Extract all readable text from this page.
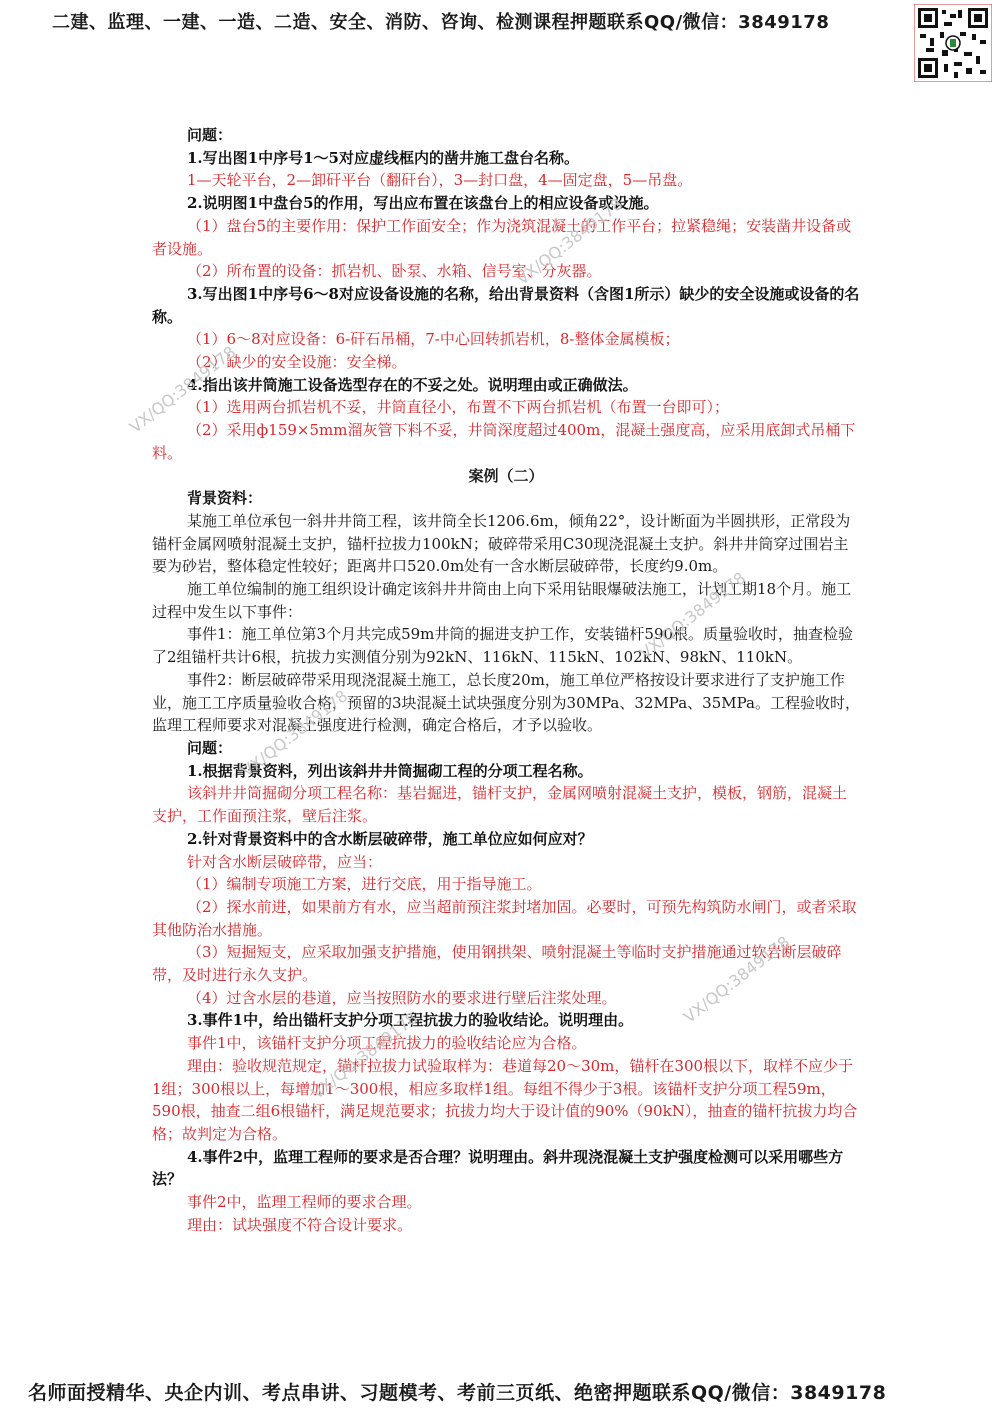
二建、监理、一建、一造、二造、安全、消防、咨询、检测课程押题联系QQ/微信：3849178

问题：

1.写出图1中序号1～5对应虚线框内的凿井施工盘台名称。

1—天轮平台，2—卸矸平台（翻矸台），3—封口盘，4—固定盘，5—吊盘。

2.说明图1中盘台5的作用，写出应布置在该盘台上的相应设备或设施。

（1）盘台5的主要作用：保护工作面安全；作为浇筑混凝土的工作平台；拉紧稳绳；安装凿井设备或者设施。

（2）所布置的设备：抓岩机、卧泵、水箱、信号室、分灰器。

3.写出图1中序号6～8对应设备设施的名称，给出背景资料（含图1所示）缺少的安全设施或设备的名称。

（1）6～8对应设备：6-矸石吊桶，7-中心回转抓岩机，8-整体金属模板；

（2）缺少的安全设施：安全梯。

4.指出该井筒施工设备选型存在的不妥之处。说明理由或正确做法。

（1）选用两台抓岩机不妥，井筒直径小，布置不下两台抓岩机（布置一台即可）；

（2）采用ф159×5mm溜灰管下料不妥，井筒深度超过400m，混凝土强度高，应采用底卸式吊桶下料。

案例（二）

背景资料：

某施工单位承包一斜井井筒工程，该井筒全长1206.6m，倾角22°，设计断面为半圆拱形，正常段为锚杆金属网喷射混凝土支护，锚杆拉拔力100kN；破碎带采用C30现浇混凝土支护。斜井井筒穿过围岩主要为砂岩，整体稳定性较好；距离井口520.0m处有一含水断层破碎带，长度约9.0m。

施工单位编制的施工组织设计确定该斜井井筒由上向下采用钻眼爆破法施工，计划工期18个月。施工过程中发生以下事件：

事件1：施工单位第3个月共完成59m井筒的掘进支护工作，安装锚杆590根。质量验收时，抽查检验了2组锚杆共计6根，抗拔力实测值分别为92kN、116kN、115kN、102kN、98kN、110kN。

事件2：断层破碎带采用现浇混凝土施工，总长度20m，施工单位严格按设计要求进行了支护施工作业，施工工序质量验收合格，预留的3块混凝土试块强度分别为30MPa、32MPa、35MPa。工程验收时，监理工程师要求对混凝土强度进行检测，确定合格后，才予以验收。

问题：

1.根据背景资料，列出该斜井井筒掘砌工程的分项工程名称。

该斜井井筒掘砌分项工程名称：基岩掘进，锚杆支护，金属网喷射混凝土支护，模板，钢筋，混凝土支护，工作面预注浆，壁后注浆。

2.针对背景资料中的含水断层破碎带，施工单位应如何应对？

针对含水断层破碎带，应当：

（1）编制专项施工方案，进行交底，用于指导施工。

（2）探水前进，如果前方有水，应当超前预注浆封堵加固。必要时，可预先构筑防水闸门，或者采取其他防治水措施。

（3）短掘短支，应采取加强支护措施，使用钢拱架、喷射混凝土等临时支护措施通过软岩断层破碎带，及时进行永久支护。

（4）过含水层的巷道，应当按照防水的要求进行壁后注浆处理。

3.事件1中，给出锚杆支护分项工程抗拔力的验收结论。说明理由。

事件1中，该锚杆支护分项工程抗拔力的验收结论应为合格。

理由：验收规范规定，锚杆拉拔力试验取样为：巷道每20～30m，锚杆在300根以下，取样不应少于1组；300根以上，每增加1～300根，相应多取样1组。每组不得少于3根。该锚杆支护分项工程59m，590根，抽查二组6根锚杆，满足规范要求；抗拔力均大于设计值的90%（90kN），抽查的锚杆抗拔力均合格；故判定为合格。

4.事件2中，监理工程师的要求是否合理？说明理由。斜井现浇混凝土支护强度检测可以采用哪些方法？

事件2中，监理工程师的要求合理。

理由：试块强度不符合设计要求。

VX/QQ:3849178
VX/QQ:3849178
VX/QQ:3849178
VX/QQ:3849178
VX/QQ:3849178
VX/QQ:3849178
名师面授精华、央企内训、考点串讲、习题模考、考前三页纸、绝密押题联系QQ/微信：3849178
